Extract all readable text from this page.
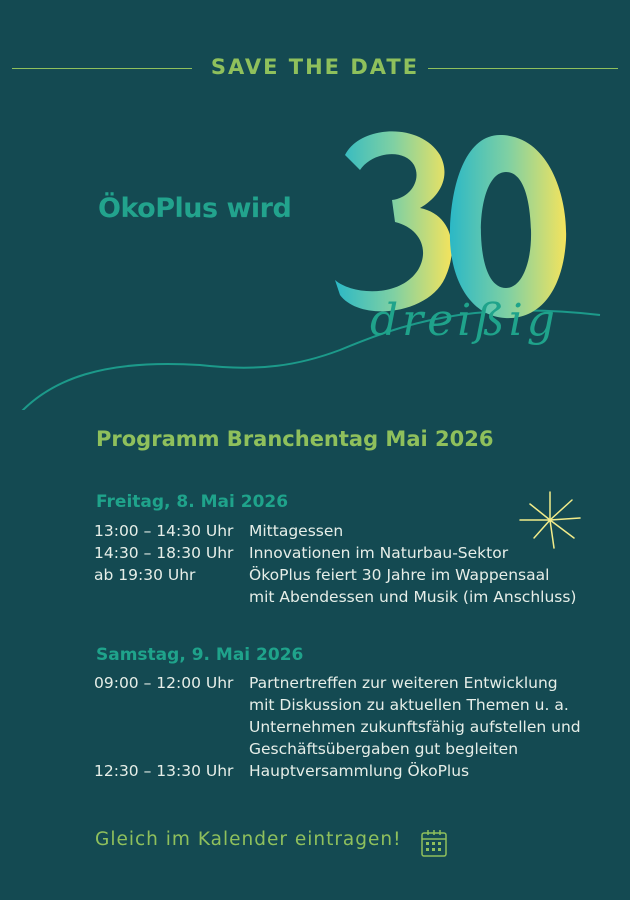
SAVE THE DATE
dreißig
ÖkoPlus wird
Programm Branchentag Mai 2026
Freitag, 8. Mai 2026
13:00 – 14:30 Uhr Mittagessen
14:30 – 18:30 Uhr Innovationen im Naturbau-Sektor
ab 19:30 Uhr	ÖkoPlus feiert 30 Jahre im Wappensaal
mit Abendessen und Musik (im Anschluss)
Samstag, 9. Mai 2026
09:00 – 12:00 Uhr Partnertreffen zur weiteren Entwicklung
mit Diskussion zu aktuellen Themen u. a.
Unternehmen zukunftsfähig aufstellen und
Geschäftsübergaben gut begleiten
12:30 – 13:30 Uhr Hauptversammlung ÖkoPlus
Gleich im Kalender eintragen!
